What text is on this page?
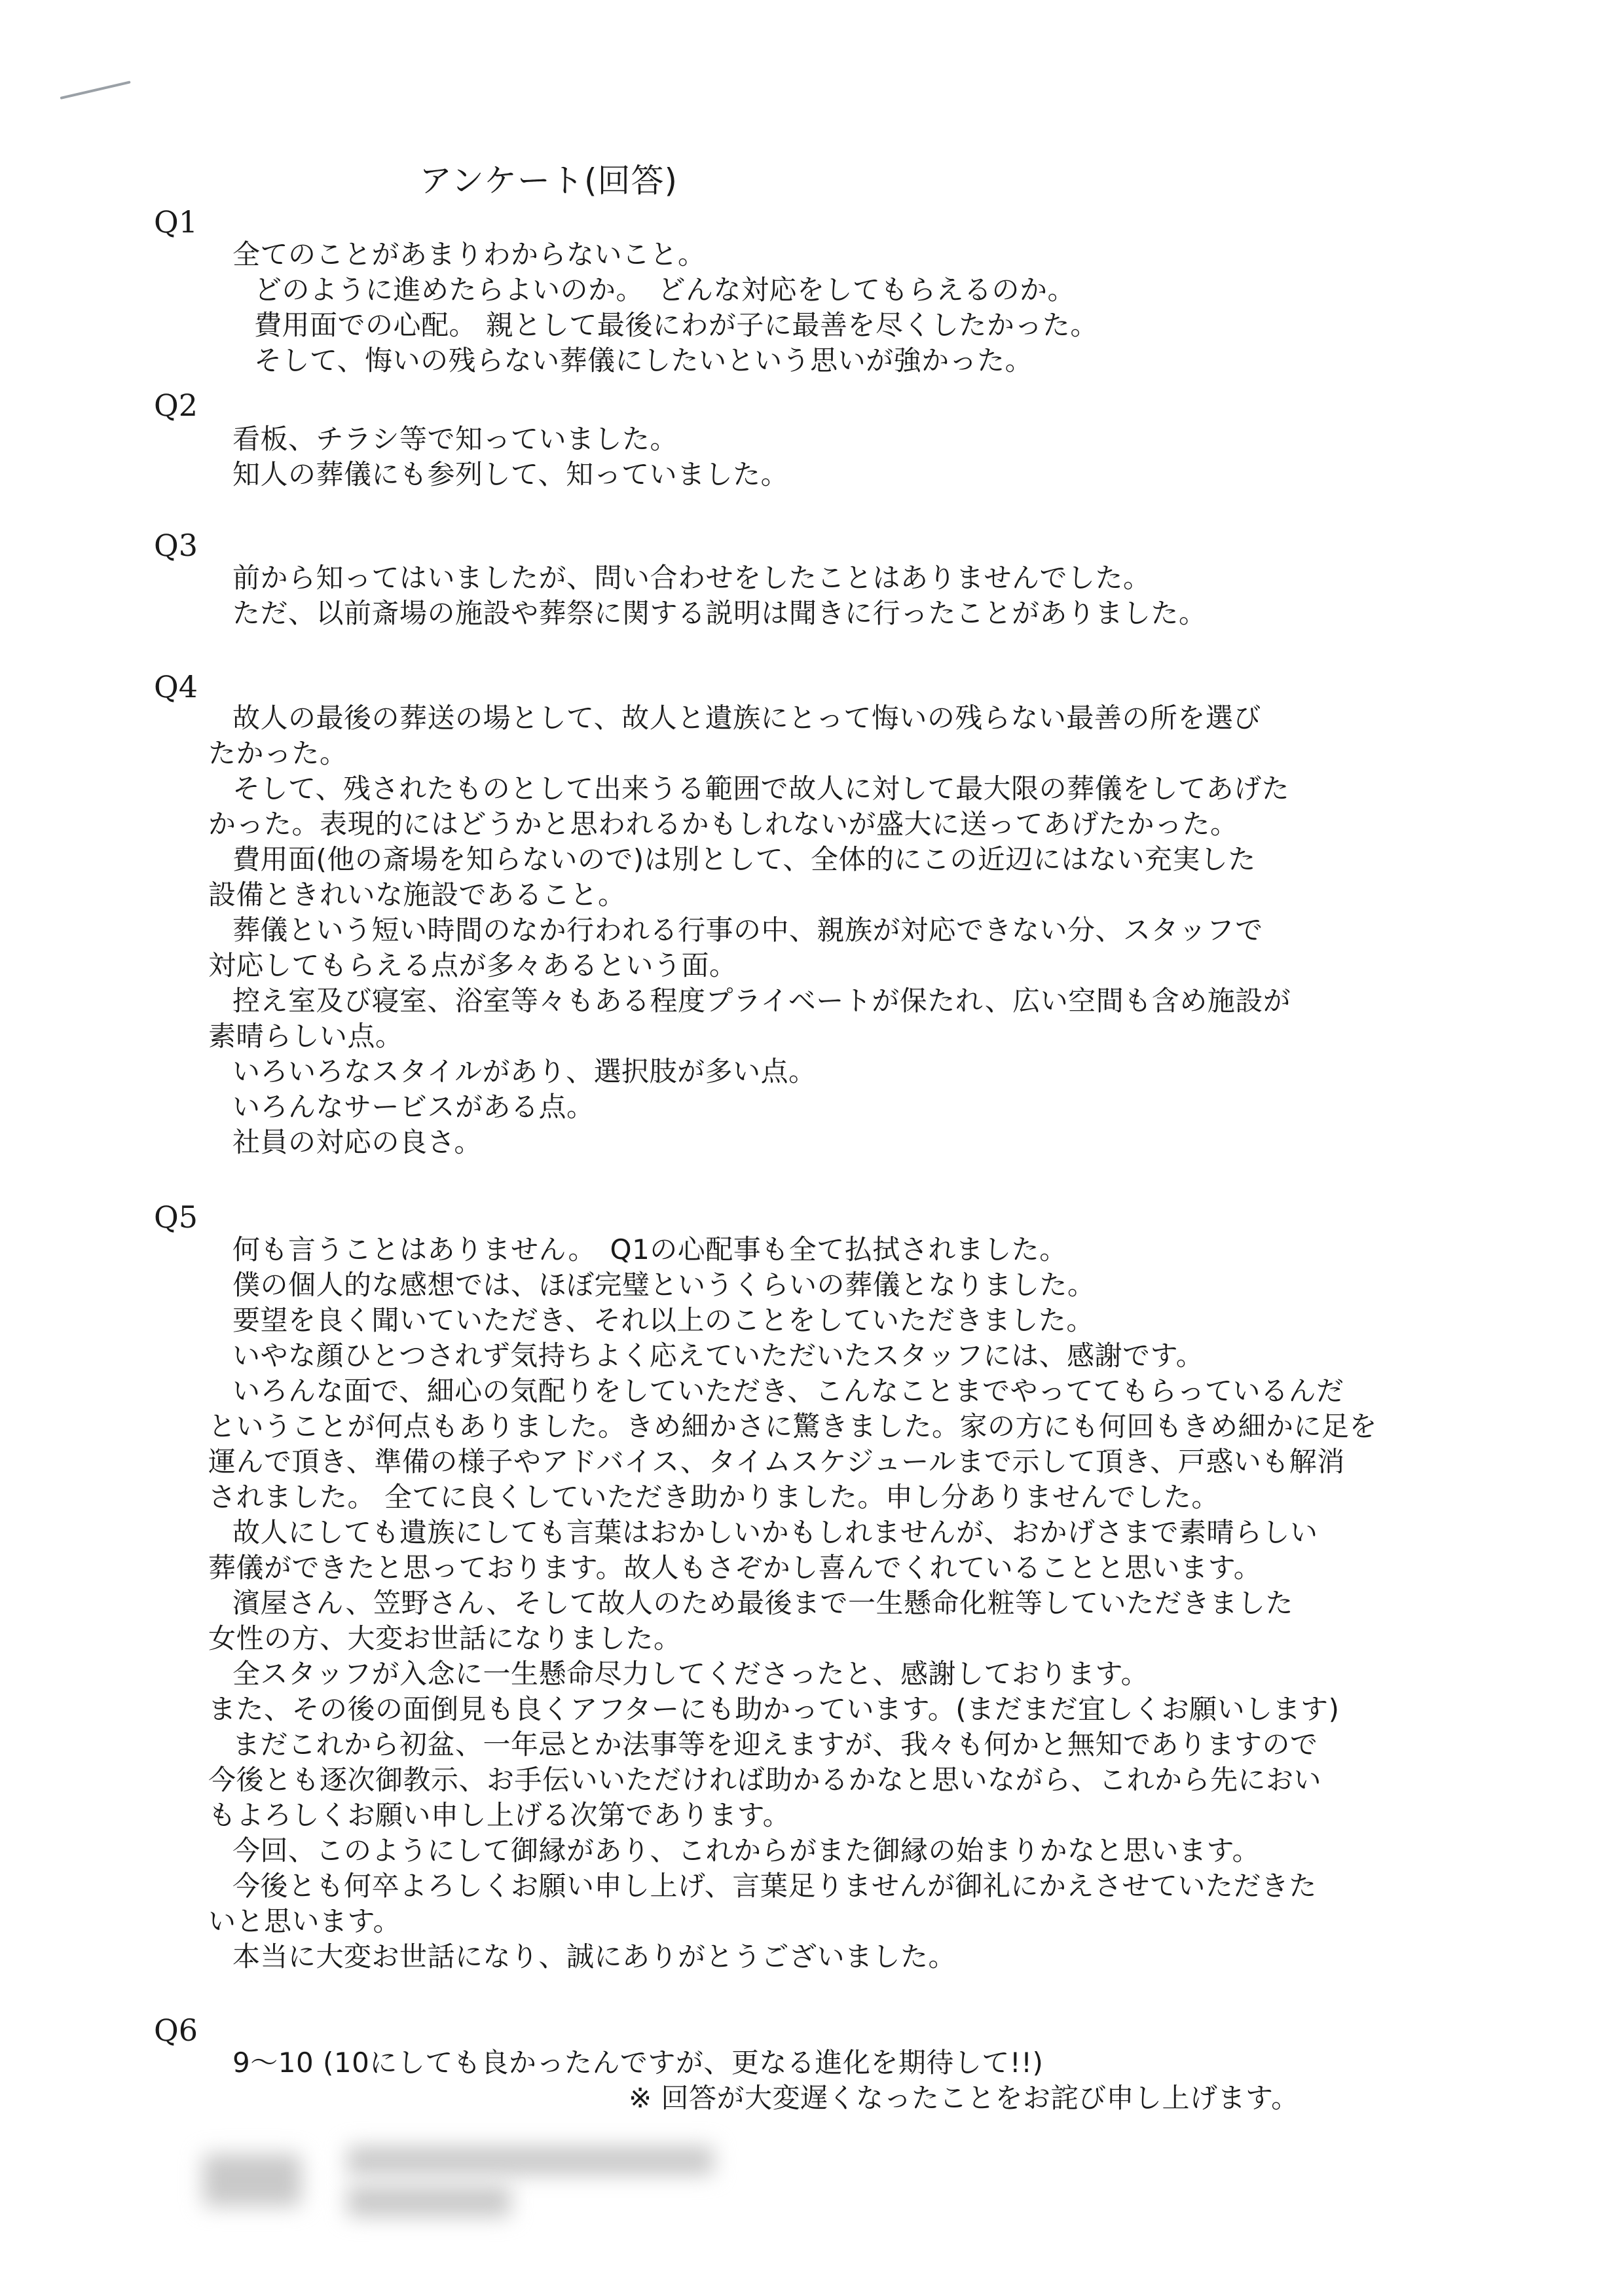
アンケート(回答)
Q1
全てのことがあまりわからないこと。
どのように進めたらよいのか。　どんな対応をしてもらえるのか。
費用面での心配。 親として最後にわが子に最善を尽くしたかった。
そして、悔いの残らない葬儀にしたいという思いが強かった。
Q2
看板、チラシ等で知っていました。
知人の葬儀にも参列して、知っていました。
Q3
前から知ってはいましたが、問い合わせをしたことはありませんでした。
ただ、以前斎場の施設や葬祭に関する説明は聞きに行ったことがありました。
Q4
故人の最後の葬送の場として、故人と遺族にとって悔いの残らない最善の所を選び
たかった。
そして、残されたものとして出来うる範囲で故人に対して最大限の葬儀をしてあげた
かった。表現的にはどうかと思われるかもしれないが盛大に送ってあげたかった。
費用面(他の斎場を知らないので)は別として、全体的にこの近辺にはない充実した
設備ときれいな施設であること。
葬儀という短い時間のなか行われる行事の中、親族が対応できない分、スタッフで
対応してもらえる点が多々あるという面。
控え室及び寝室、浴室等々もある程度プライベートが保たれ、広い空間も含め施設が
素晴らしい点。
いろいろなスタイルがあり、選択肢が多い点。
いろんなサービスがある点。
社員の対応の良さ。
Q5
何も言うことはありません。　Q1の心配事も全て払拭されました。
僕の個人的な感想では、ほぼ完璧というくらいの葬儀となりました。
要望を良く聞いていただき、それ以上のことをしていただきました。
いやな顔ひとつされず気持ちよく応えていただいたスタッフには、感謝です。
いろんな面で、細心の気配りをしていただき、こんなことまでやっててもらっているんだ
ということが何点もありました。きめ細かさに驚きました。家の方にも何回もきめ細かに足を
運んで頂き、準備の様子やアドバイス、タイムスケジュールまで示して頂き、戸惑いも解消
されました。 全てに良くしていただき助かりました。申し分ありませんでした。
故人にしても遺族にしても言葉はおかしいかもしれませんが、おかげさまで素晴らしい
葬儀ができたと思っております。故人もさぞかし喜んでくれていることと思います。
濱屋さん、笠野さん、そして故人のため最後まで一生懸命化粧等していただきました
女性の方、大変お世話になりました。
全スタッフが入念に一生懸命尽力してくださったと、感謝しております。
また、その後の面倒見も良くアフターにも助かっています。(まだまだ宜しくお願いします)
まだこれから初盆、一年忌とか法事等を迎えますが、我々も何かと無知でありますので
今後とも逐次御教示、お手伝いいただければ助かるかなと思いながら、これから先におい
もよろしくお願い申し上げる次第であります。
今回、このようにして御縁があり、これからがまた御縁の始まりかなと思います。
今後とも何卒よろしくお願い申し上げ、言葉足りませんが御礼にかえさせていただきた
いと思います。
本当に大変お世話になり、誠にありがとうございました。
Q6
9～10 (10にしても良かったんですが、更なる進化を期待して!!)
※ 回答が大変遅くなったことをお詫び申し上げます。
